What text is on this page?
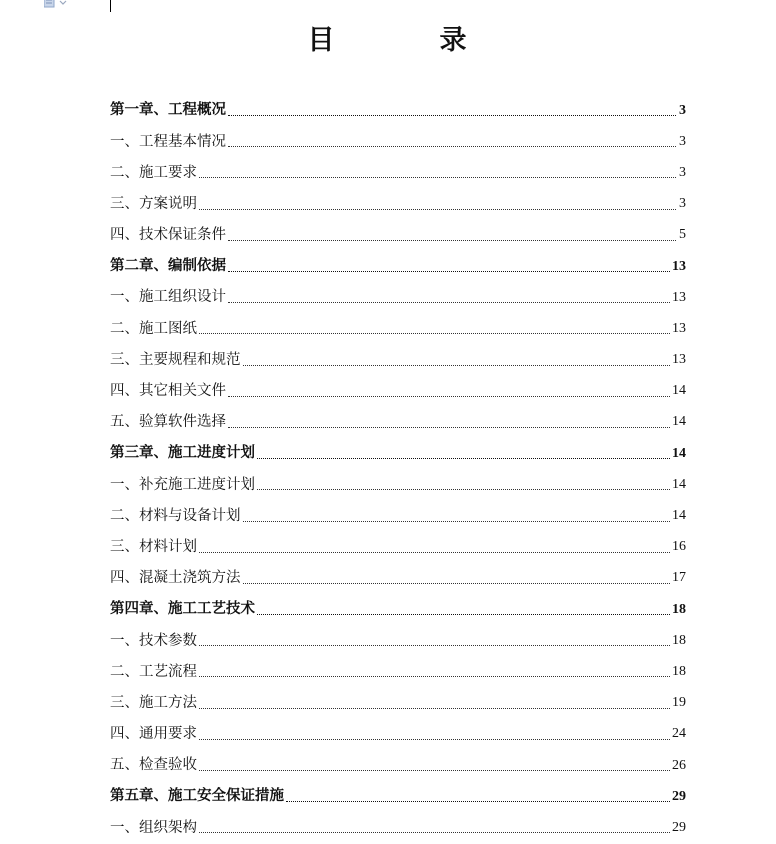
目	录
第一章、工程概况	3
一、工程基本情况	3
二、施工要求	3
三、方案说明	3
四、技术保证条件	5
第二章、编制依据	13
一、施工组织设计	13
二、施工图纸	13
三、主要规程和规范	13
四、其它相关文件	14
五、验算软件选择	14
第三章、施工进度计划	14
一、补充施工进度计划	14
二、材料与设备计划	14
三、材料计划	16
四、混凝土浇筑方法	17
第四章、施工工艺技术	18
一、技术参数	18
二、工艺流程	18
三、施工方法	19
四、通用要求	24
五、检查验收	26
第五章、施工安全保证措施	29
一、组织架构	29
